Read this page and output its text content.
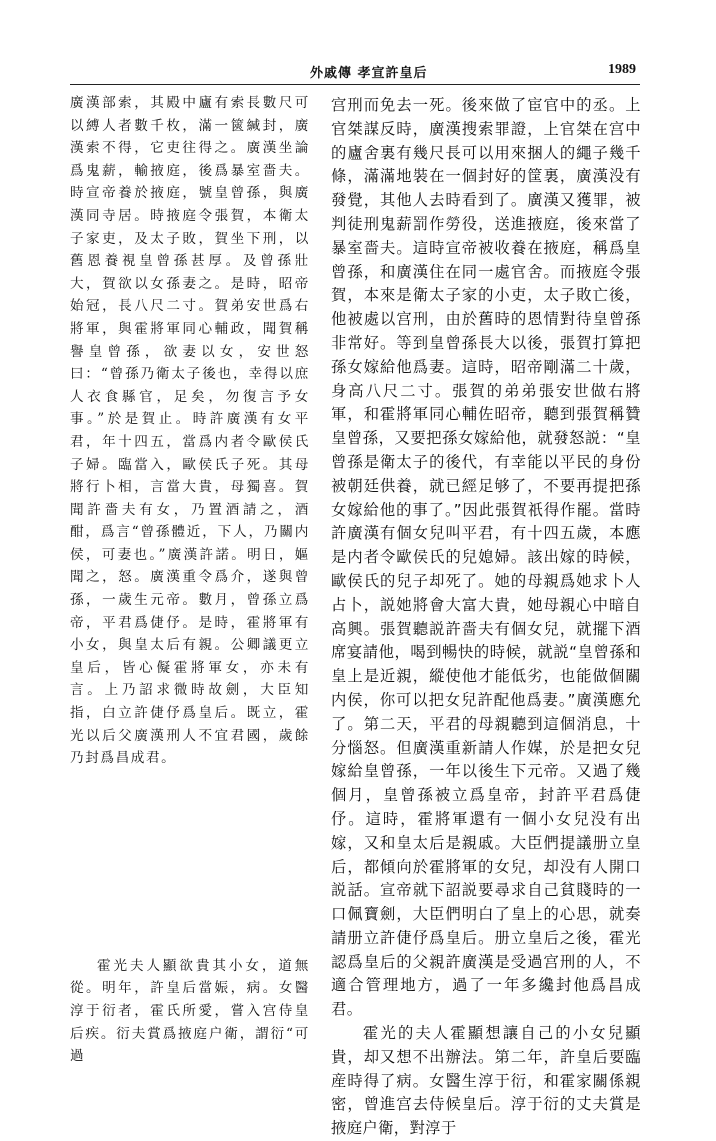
外戚傳 孝宣許皇后	1989

廣漢部索，其殿中廬有索長數尺可以縛人者數千枚，滿一篋緘封，廣漢索不得，它吏往得之。廣漢坐論爲鬼薪，輸掖庭，後爲暴室嗇夫。時宣帝養於掖庭，號皇曾孫，與廣漢同寺居。時掖庭令張賀，本衛太子家吏，及太子敗，賀坐下刑，以舊恩養視皇曾孫甚厚。及曾孫壯大，賀欲以女孫妻之。是時，昭帝始冠，長八尺二寸。賀弟安世爲右將軍，與霍將軍同心輔政，聞賀稱譽皇曾孫，欲妻以女，安世怒曰：“曾孫乃衛太子後也，幸得以庶人衣食縣官，足矣，勿復言予女事。”於是賀止。時許廣漢有女平君，年十四五，當爲内者令歐侯氏子婦。臨當入，歐侯氏子死。其母將行卜相，言當大貴，母獨喜。賀聞許嗇夫有女，乃置酒請之，酒酣，爲言“曾孫體近，下人，乃關内侯，可妻也。”廣漢許諾。明日，嫗聞之，怒。廣漢重令爲介，遂與曾孫，一歲生元帝。數月，曾孫立爲帝，平君爲倢伃。是時，霍將軍有小女，與皇太后有親。公卿議更立皇后，皆心儗霍將軍女，亦未有言。上乃詔求微時故劍，大臣知指，白立許倢伃爲皇后。既立，霍光以后父廣漢刑人不宜君國，歲餘乃封爲昌成君。

霍光夫人顯欲貴其小女，道無從。明年，許皇后當娠，病。女醫淳于衍者，霍氏所愛，嘗入宫侍皇后疾。衍夫賞爲掖庭户衛，謂衍“可過

宫刑而免去一死。後來做了宦官中的丞。上官桀謀反時，廣漢搜索罪證，上官桀在宫中的廬舍裏有幾尺長可以用來捆人的繩子幾千條，滿滿地裝在一個封好的筐裏，廣漢没有發覺，其他人去時看到了。廣漢又獲罪，被判徒刑鬼薪罰作勞役，送進掖庭，後來當了暴室嗇夫。這時宣帝被收養在掖庭，稱爲皇曾孫，和廣漢住在同一處官舍。而掖庭令張賀，本來是衛太子家的小吏，太子敗亡後，他被處以宫刑，由於舊時的恩情對待皇曾孫非常好。等到皇曾孫長大以後，張賀打算把孫女嫁給他爲妻。這時，昭帝剛滿二十歲，身高八尺二寸。張賀的弟弟張安世做右將軍，和霍將軍同心輔佐昭帝，聽到張賀稱贊皇曾孫，又要把孫女嫁給他，就發怒説：“皇曾孫是衛太子的後代，有幸能以平民的身份被朝廷供養，就已經足够了，不要再提把孫女嫁給他的事了。”因此張賀祇得作罷。當時許廣漢有個女兒叫平君，有十四五歲，本應是内者令歐侯氏的兒媳婦。該出嫁的時候，歐侯氏的兒子却死了。她的母親爲她求卜人占卜，説她將會大富大貴，她母親心中暗自高興。張賀聽説許嗇夫有個女兒，就擺下酒席宴請他，喝到暢快的時候，就説“皇曾孫和皇上是近親，縱使他才能低劣，也能做個關内侯，你可以把女兒許配他爲妻。”廣漢應允了。第二天，平君的母親聽到這個消息，十分惱怒。但廣漢重新請人作媒，於是把女兒嫁給皇曾孫，一年以後生下元帝。又過了幾個月，皇曾孫被立爲皇帝，封許平君爲倢伃。這時，霍將軍還有一個小女兒没有出嫁，又和皇太后是親戚。大臣們提議册立皇后，都傾向於霍將軍的女兒，却没有人開口説話。宣帝就下詔説要尋求自己貧賤時的一口佩寶劍，大臣們明白了皇上的心思，就奏請册立許倢伃爲皇后。册立皇后之後，霍光認爲皇后的父親許廣漢是受過宫刑的人，不適合管理地方，過了一年多纔封他爲昌成君。

霍光的夫人霍顯想讓自己的小女兒顯貴，却又想不出辦法。第二年，許皇后要臨産時得了病。女醫生淳于衍，和霍家關係親密，曾進宫去侍候皇后。淳于衍的丈夫賞是掖庭户衛，對淳于
